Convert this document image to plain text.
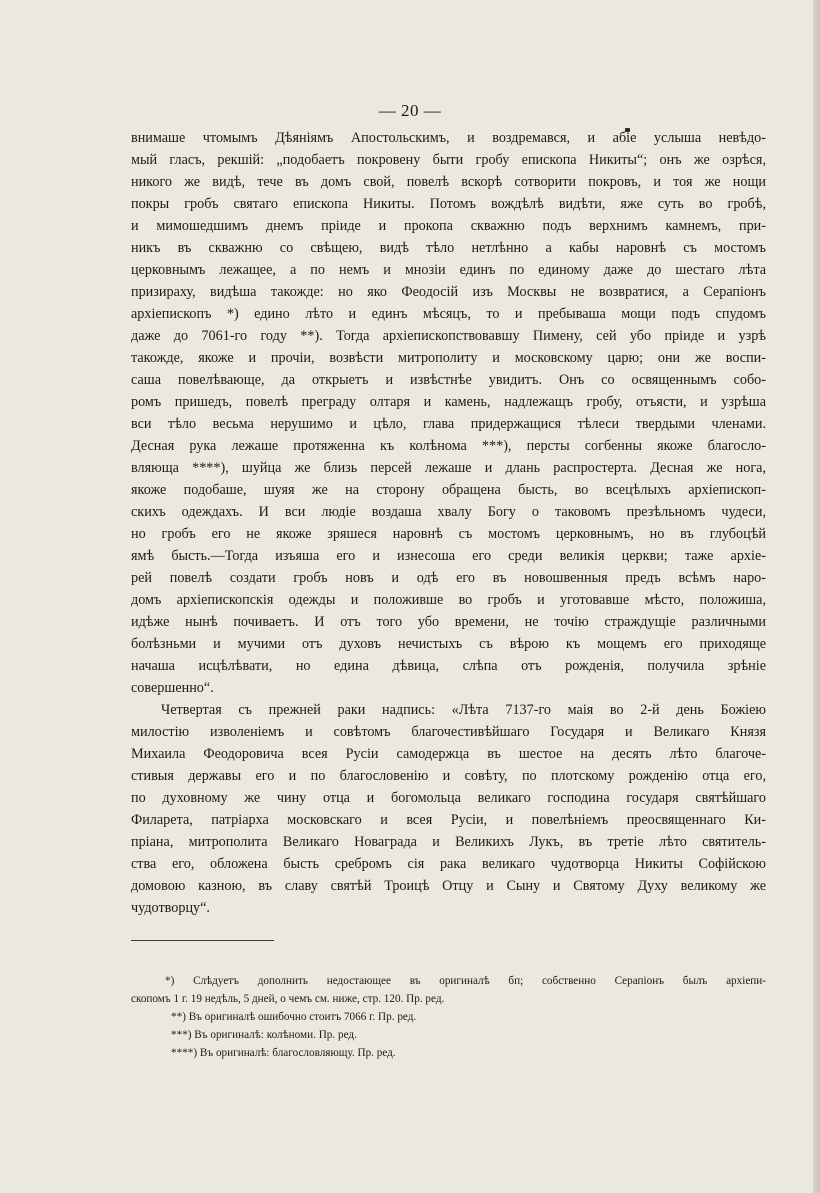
— 20 —

внимаше чтомымъ Дѣяніямъ Апостольскимъ, и воздремався, и абіе услыша невѣдо-

мый гласъ, рекшій: „подобаетъ покровену быти гробу епископа Никиты“; онъ же озрѣся,

никого же видѣ, тече въ домъ свой, повелѣ вскорѣ сотворити покровъ, и тоя же нощи

покры гробъ святаго епископа Никиты. Потомъ вождѣлѣ видѣти, яже суть во гробѣ,

и мимошедшимъ днемъ пріиде и прокопа скважню подъ верхнимъ камнемъ, при-

никъ въ скважню со свѣщею, видѣ тѣло нетлѣнно а кабы наровнѣ съ мостомъ

церковнымъ лежащее, а по немъ и мнозіи единъ по единому даже до шестаго лѣта

призираху, видѣша такожде: но яко Феодосій изъ Москвы не возвратися, а Серапіонъ

архіепископъ *) едино лѣто и единъ мѣсяцъ, то и пребываша мощи подъ спудомъ

даже до 7061-го году **). Тогда архіепископствовавшу Пимену, сей убо пріиде и узрѣ

такожде, якоже и прочіи, возвѣсти митрополиту и московскому царю; они же воспи-

саша повелѣвающе, да открыетъ и извѣстнѣе увидитъ. Онъ со освященнымъ собо-

ромъ пришедъ, повелѣ преграду олтаря и камень, надлежащъ гробу, отъясти, и узрѣша

вси тѣло весьма нерушимо и цѣло, глава придержащися тѣлеси твердыми членами.

Десная рука лежаше протяженна къ колѣнома ***), персты согбенны якоже благосло-

вляюща ****), шуйца же близь персей лежаше и длань распростерта. Десная же нога,

якоже подобаше, шуяя же на сторону обращена бысть, во всецѣлыхъ архіепископ-

скихъ одеждахъ. И вси людіе воздаша хвалу Богу о таковомъ презѣльномъ чудеси,

но гробъ его не якоже зряшеся наровнѣ съ мостомъ церковнымъ, но въ глубоцѣй

ямѣ бысть.—Тогда изъяша его и изнесоша его среди великія церкви; таже архіе-

рей повелѣ создати гробъ новъ и одѣ его въ новошвенныя предъ всѣмъ наро-

домъ архіепископскія одежды и положивше во гробъ и уготовавше мѣсто, положиша,

идѣже нынѣ почиваетъ. И отъ того убо времени, не точію страждущіе различными

болѣзньми и мучими отъ духовъ нечистыхъ съ вѣрою къ мощемъ его приходяще

начаша исцѣлѣвати, но едина дѣвица, слѣпа отъ рожденія, получила зрѣніе

совершенно“.

Четвертая съ прежней раки надпись: «Лѣта 7137-го маія во 2-й день Божіею

милостію изволеніемъ и совѣтомъ благочестивѣйшаго Государя и Великаго Князя

Михаила Феодоровича всея Русіи самодержца въ шестое на десять лѣто благоче-

стивыя державы его и по благословенію и совѣту, по плотскому рожденію отца его,

по духовному же чину отца и богомольца великаго господина государя святѣйшаго

Филарета, патріарха московскаго и всея Русіи, и повелѣніемъ преосвященнаго Ки-

пріана, митрополита Великаго Новаграда и Великихъ Лукъ, въ третіе лѣто святитель-

ства его, обложена бысть сребромъ сія рака великаго чудотворца Никиты Софійскою

домовою казною, въ славу святѣй Троицѣ Отцу и Сыну и Святому Духу великому же

чудотворцу“.

*) Слѣдуетъ дополнить недостающее въ оригиналѣ бп; собственно Серапіонъ былъ архіепи-

скопомъ 1 г. 19 недѣль, 5 дней, о чемъ см. ниже, стр. 120. Пр. ред.

**) Въ оригиналѣ ошибочно стоитъ 7066 г. Пр. ред.

***) Въ оригиналѣ: колѣноми. Пр. ред.

****) Въ оригиналѣ: благословляющу. Пр. ред.
